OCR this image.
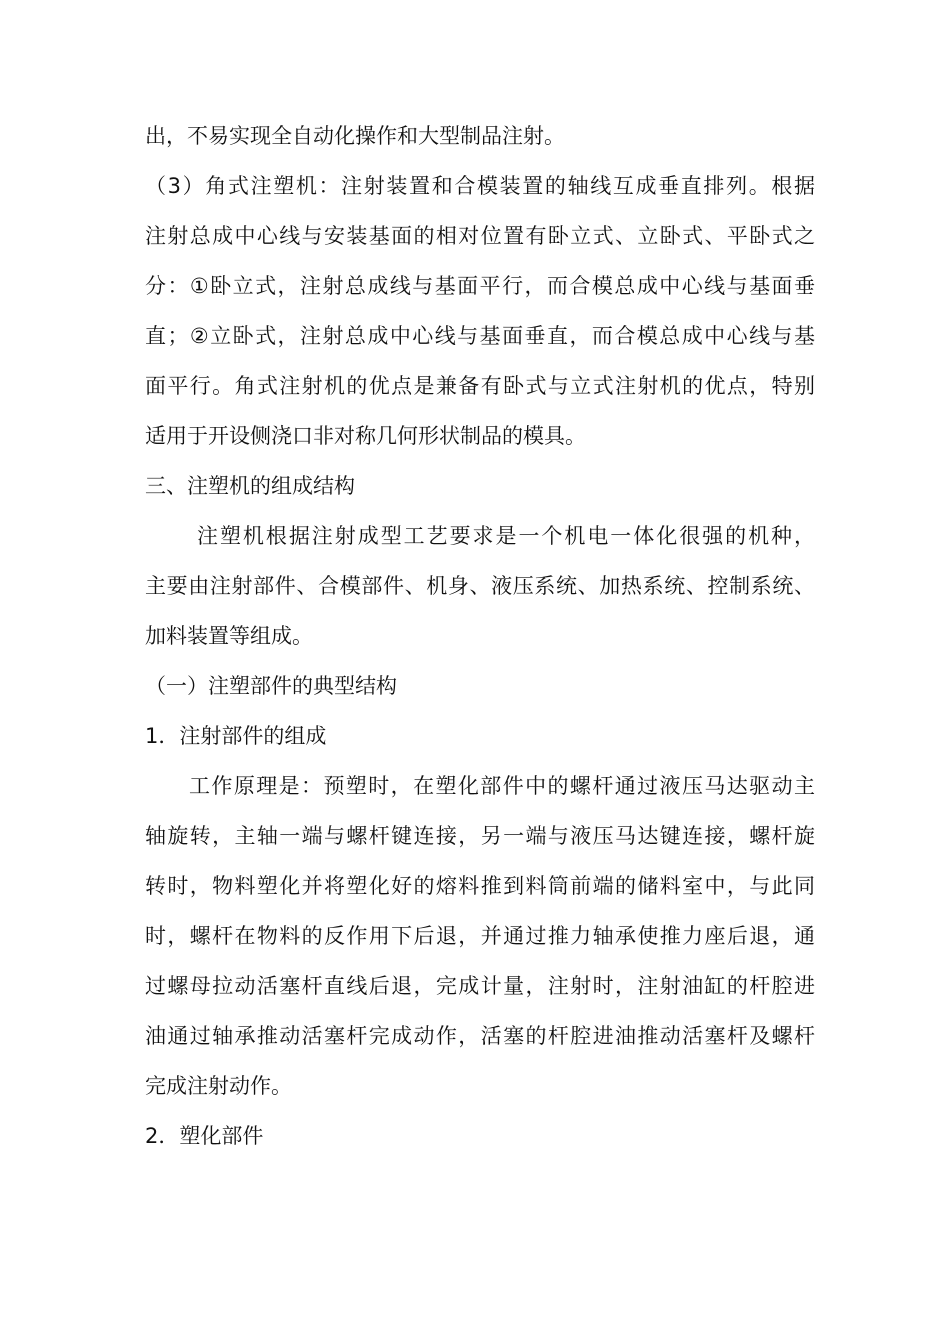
出，不易实现全自动化操作和大型制品注射。
（3）角式注塑机：注射装置和合模装置的轴线互成垂直排列。根据
注射总成中心线与安装基面的相对位置有卧立式、立卧式、平卧式之
分：①卧立式，注射总成线与基面平行，而合模总成中心线与基面垂
直；②立卧式，注射总成中心线与基面垂直，而合模总成中心线与基
面平行。角式注射机的优点是兼备有卧式与立式注射机的优点，特别
适用于开设侧浇口非对称几何形状制品的模具。
三、注塑机的组成结构
注塑机根据注射成型工艺要求是一个机电一体化很强的机种，
主要由注射部件、合模部件、机身、液压系统、加热系统、控制系统、
加料装置等组成。
（一）注塑部件的典型结构
1．注射部件的组成
工作原理是：预塑时，在塑化部件中的螺杆通过液压马达驱动主
轴旋转，主轴一端与螺杆键连接，另一端与液压马达键连接，螺杆旋
转时，物料塑化并将塑化好的熔料推到料筒前端的储料室中，与此同
时，螺杆在物料的反作用下后退，并通过推力轴承使推力座后退，通
过螺母拉动活塞杆直线后退，完成计量，注射时，注射油缸的杆腔进
油通过轴承推动活塞杆完成动作，活塞的杆腔进油推动活塞杆及螺杆
完成注射动作。
2．塑化部件
